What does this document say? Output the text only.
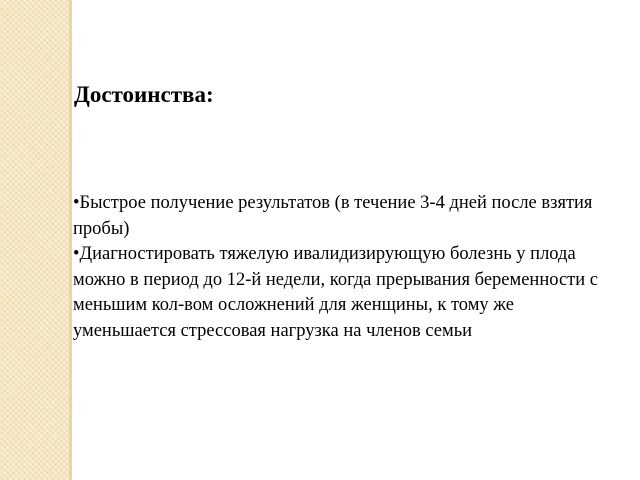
Достоинства:
•Быстрое получение результатов (в течение 3-4 дней после взятия пробы)
•Диагностировать тяжелую ивалидизирующую болезнь у плода можно в период до 12-й недели, когда прерывания беременности с меньшим кол-вом осложнений для женщины, к тому же уменьшается стрессовая нагрузка на членов семьи
